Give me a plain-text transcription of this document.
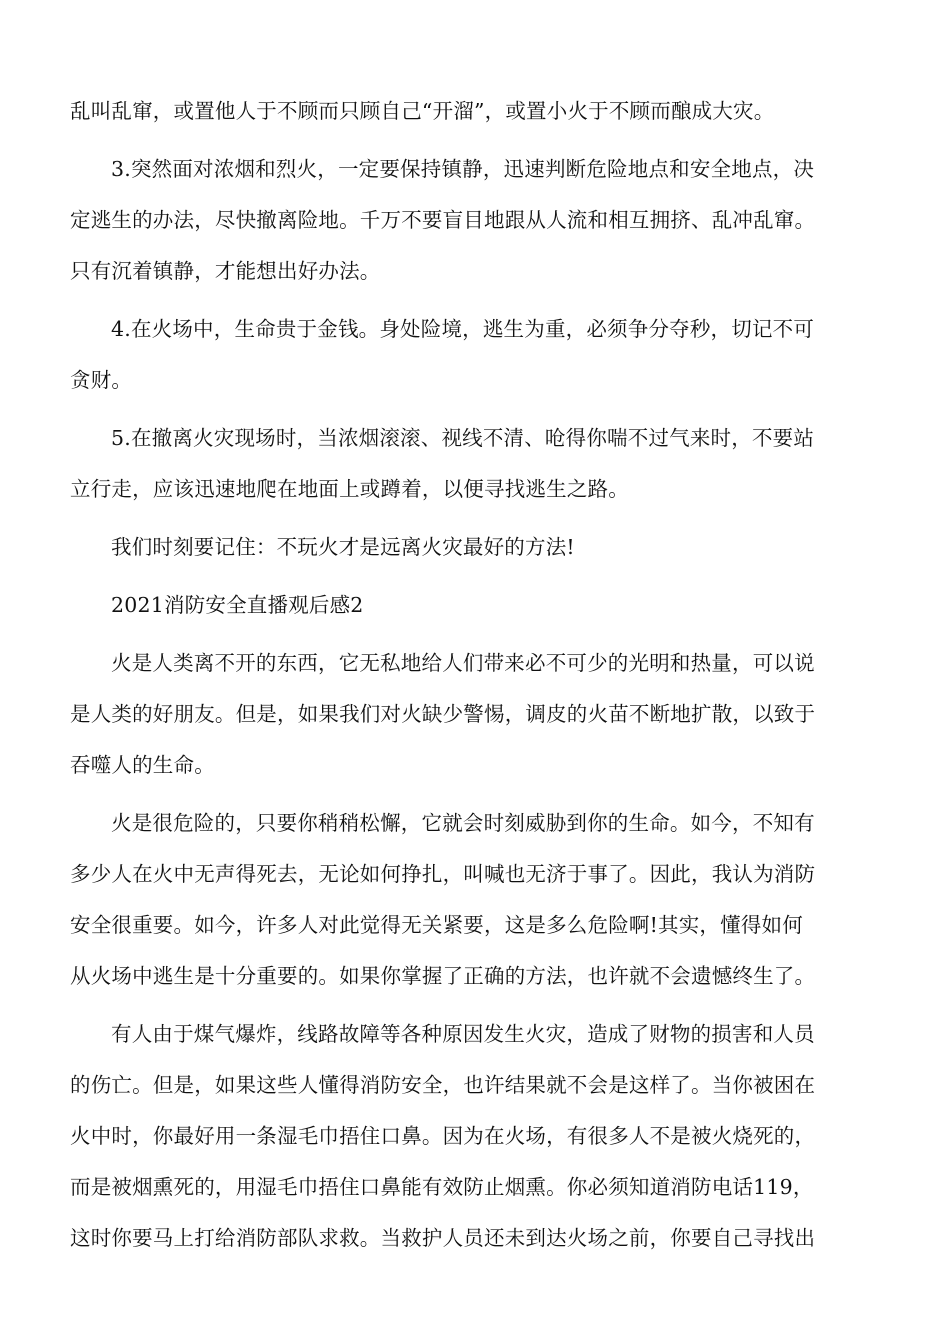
乱叫乱窜，或置他人于不顾而只顾自己“开溜”，或置小火于不顾而酿成大灾。
3.突然面对浓烟和烈火，一定要保持镇静，迅速判断危险地点和安全地点，决
定逃生的办法，尽快撤离险地。千万不要盲目地跟从人流和相互拥挤、乱冲乱窜。
只有沉着镇静，才能想出好办法。
4.在火场中，生命贵于金钱。身处险境，逃生为重，必须争分夺秒，切记不可
贪财。
5.在撤离火灾现场时，当浓烟滚滚、视线不清、呛得你喘不过气来时，不要站
立行走，应该迅速地爬在地面上或蹲着，以便寻找逃生之路。
我们时刻要记住：不玩火才是远离火灾最好的方法!
2021消防安全直播观后感2
火是人类离不开的东西，它无私地给人们带来必不可少的光明和热量，可以说
是人类的好朋友。但是，如果我们对火缺少警惕，调皮的火苗不断地扩散，以致于
吞噬人的生命。
火是很危险的，只要你稍稍松懈，它就会时刻威胁到你的生命。如今，不知有
多少人在火中无声得死去，无论如何挣扎，叫喊也无济于事了。因此，我认为消防
安全很重要。如今，许多人对此觉得无关紧要，这是多么危险啊!其实，懂得如何
从火场中逃生是十分重要的。如果你掌握了正确的方法，也许就不会遗憾终生了。
有人由于煤气爆炸，线路故障等各种原因发生火灾，造成了财物的损害和人员
的伤亡。但是，如果这些人懂得消防安全，也许结果就不会是这样了。当你被困在
火中时，你最好用一条湿毛巾捂住口鼻。因为在火场，有很多人不是被火烧死的，
而是被烟熏死的，用湿毛巾捂住口鼻能有效防止烟熏。你必须知道消防电话119，
这时你要马上打给消防部队求救。当救护人员还未到达火场之前，你要自己寻找出
